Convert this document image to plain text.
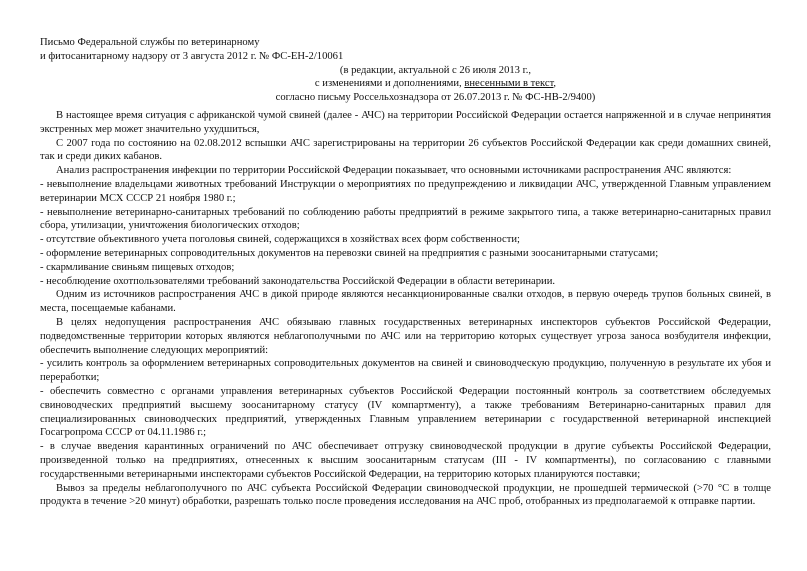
Письмо Федеральной службы по ветеринарному
и фитосанитарному надзору от 3 августа 2012 г. № ФС-ЕН-2/10061
(в редакции, актуальной с 26 июля 2013 г.,
с изменениями и дополнениями, внесенными в текст,
согласно письму Россельхознадзора от 26.07.2013 г. № ФС-НВ-2/9400)

В настоящее время ситуация с африканской чумой свиней (далее - АЧС) на территории Российской Федерации остается напряженной и в случае непринятия экстренных мер может значительно ухудшиться,

С 2007 года по состоянию на 02.08.2012 вспышки АЧС зарегистрированы на территории 26 субъектов Российской Федерации как среди домашних свиней, так и среди диких кабанов.

Анализ распространения инфекции по территории Российской Федерации показывает, что основными источниками распространения АЧС являются:

- невыполнение владельцами животных требований Инструкции о мероприятиях по предупреждению и ликвидации АЧС, утвержденной Главным управлением ветеринарии МСХ СССР 21 ноября 1980 г.;

- невыполнение ветеринарно-санитарных требований по соблюдению работы предприятий в режиме закрытого типа, а также ветеринарно-санитарных правил сбора, утилизации, уничтожения биологических отходов;

- отсутствие объективного учета поголовья свиней, содержащихся в хозяйствах всех форм собственности;

- оформление ветеринарных сопроводительных документов на перевозки свиней на предприятия с разными зоосанитарными статусами;

- скармливание свиньям пищевых отходов;

- несоблюдение охотпользователями требований законодательства Российской Федерации в области ветеринарии.

Одним из источников распространения АЧС в дикой природе являются несанкционированные свалки отходов, в первую очередь трупов больных свиней, в места, посещаемые кабанами.

В целях недопущения распространения АЧС обязываю главных государственных ветеринарных инспекторов субъектов Российской Федерации, подведомственные территории которых являются неблагополучными по АЧС или на территорию которых существует угроза заноса возбудителя инфекции, обеспечить выполнение следующих мероприятий:

- усилить контроль за оформлением ветеринарных сопроводительных документов на свиней и свиноводческую продукцию, полученную в результате их убоя и переработки;

- обеспечить совместно с органами управления ветеринарных субъектов Российской Федерации постоянный контроль за соответствием обследуемых свиноводческих предприятий высшему зоосанитарному статусу (IV компартменту), а также требованиям Ветеринарно-санитарных правил для специализированных свиноводческих предприятий, утвержденных Главным управлением ветеринарии с государственной ветеринарной инспекцией Госагропрома СССР от 04.11.1986 г.;

- в случае введения карантинных ограничений по АЧС обеспечивает отгрузку свиноводческой продукции в другие субъекты Российской Федерации, произведенной только на предприятиях, отнесенных к высшим зоосанитарным статусам (III - IV компартменты), по согласованию с главными государственными ветеринарными инспекторами субъектов Российской Федерации, на территорию которых планируются поставки;

Вывоз за пределы неблагополучного по АЧС субъекта Российской Федерации свиноводческой продукции, не прошедшей термической (>70 °С в толще продукта в течение >20 минут) обработки, разрешать только после проведения исследования на АЧС проб, отобранных из предполагаемой к отправке партии.
